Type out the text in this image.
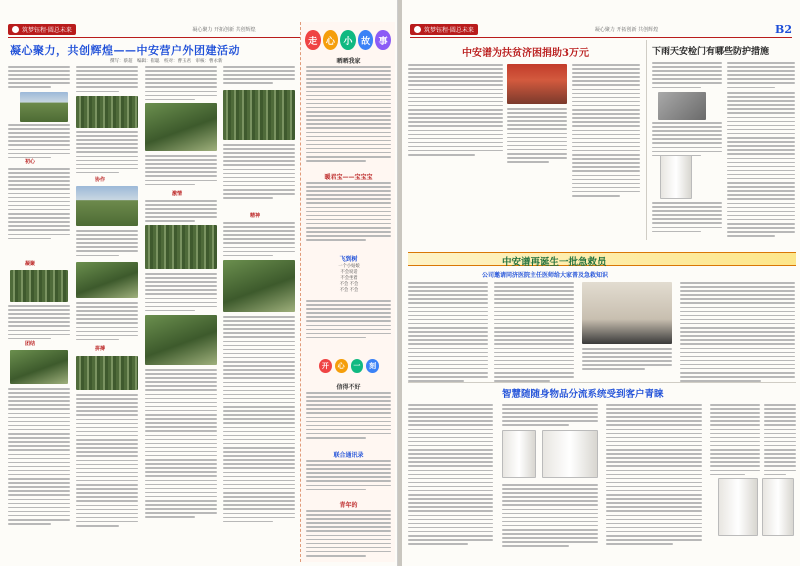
筑梦钰程·圆总未来	凝心聚力 开拓创新 共创辉煌
凝心聚力，共创辉煌——中安营户外团建活动
撰写：蔡超　编辑：崔聪　校对：曹玉君　审核：曹永新
初心
凝聚
团结
协作
拼搏
激情
精神
走 心 小 故 事
晒晒我家
暖君宝——宝宝宝
飞到树
一个小姑娘
不会说话
不会坐着
不会 不会
不会 不会
开	心	一	刻
信得不好
联合通讯录
青年的
筑梦钰程·圆总未来	凝心聚力 开拓创新 共创辉煌	B2
中安谱为扶贫济困捐助3万元	下雨天安检门有哪些防护措施
中安谱再诞生一批急救员
公司邀请同济医院主任医师给大家普及急救知识
智慧随随身物品分流系统受到客户青睐
